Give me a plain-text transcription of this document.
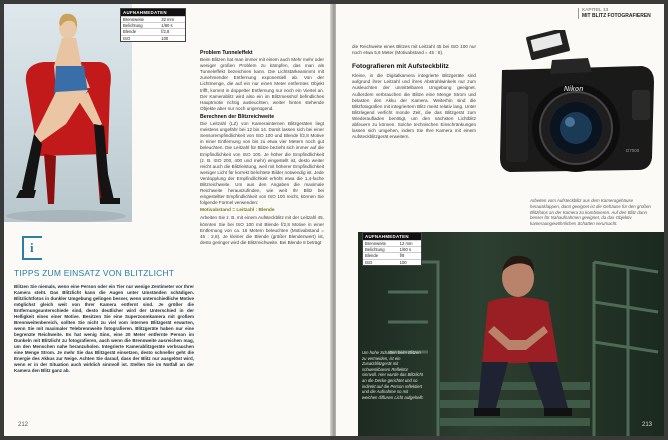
AUFNAHMEDATEN
Brennweite	32 mm
Belichtung	1/60 s
Blende	f/2,8
ISO	100
Problem Tunneleffekt

Beim Blitzen hat man immer mit einem auch Mehr mehr oder weniger großen Problem zu kämpfen, das man als Tunneleffekt bezeichnen kann. Die Lichtstärkeanimmt mit zunehmender Entfernung exponentiell ab. Von der Lichtmenge, die auf ein nur einen Meter entferntes Objekt trifft, kommt in doppelter Entfernung nur noch ein Viertel an. Der Kamerablitz wird also ein im Blitzmesshof befindliches Hauptmotiv richtig ausleuchten, weiter hinten stehende Objekte aber nur noch ungenügend.

Berechnen der Blitzreichweite

Die Leitzahl (LZ) von Kamerainternen Blitzgeräten liegt meistens ungefähr bei 12 bis 14. Damit lassen sich bei einer Sensorempfindlichkeit von ISO 100 und Blende f/2,8 Motive in einer Entfernung von bis zu etwa vier Metern noch gut beleuchten. Die Leitzahl für Blitze bezieht sich immer auf die Empfindlichkeit von ISO 100. Je höher die Empfindlichkeit (z. B. ISO 200, 400 und mehr) eingestellt ist, desto weiter reicht auch die Blitzleistung, weil mit höherer Empfindlichkeit weniger Licht für korrekt belichtete Bilder notwendig ist. Jede Verdopplung der Empfindlichkeit erhöht etwa die 1,4-fache Blitzreichweite. Um aus den Angaben die maximale Reichweite herauszufinden, wie weit Ihr Blitz bei eingestellter Empfindlichkeit von ISO 100 reicht, können Sie folgende Formel verwenden:

Motivabstand = Leitzahl : Blende

Arbeiten Sie z. B. mit einem Aufsteckblitz mit der Leitzahl 45, könnten Sie bei ISO 100 mit Blende f/2,8 Motive in einer Entfernung von ca. 16 Metern beleuchten (Motivabstand = 45 : 2,8). Je kleiner die Blende (größer Blendenwert) ist, desto geringer wird die Blitzreichweite. Bei Blende 8 beträgt

i
TIPPS ZUM EINSATZ VON BLITZLICHT
Blitzen Sie niemals, wenn eine Person oder ein Tier nur wenige Zentimeter vor Ihrer Kamera steht. Das Blitzlicht kann die Augen unter Umständen schädigen. Blitzlichtfotos in dunkler Umgebung gelingen besser, wenn unterschiedliche Motive möglichst gleich weit von Ihrer Kamera entfernt sind. Je größer die Entfernungsunterschiede sind, desto deutlicher wird der Unterschied in der Helligkeit eines einer Motive. Besitzen Sie eine Superzoomkamera mit großem Brennweitenbereich, sollten Sie nicht zu viel vom internen Blitzgerät erwarten, wenn Sie mit maximaler Telebrennweite fotografieren. Blitzgeräte haben nur eine begrenzte Reichweite. Es hat wenig Sinn, eine 20 Meter entfernte Person im Dunkeln mit Blitzlicht zu fotografieren, auch wenn die Brennweite ausreichen mag, um den Menschen nahe heranzuholen. Integrierte Kamerablitzgeräte verbrauchen eine Menge Strom. Je mehr Sie das Blitzgerät einsetzen, desto schneller geht die Energie des Akkus zur Neige. Achten Sie darauf, dass der Blitz nur ausgelöst wird, wenn er in der Situation auch wirklich sinnvoll ist. Stellen Sie im Notfall an der Kamera den Blitz ganz ab.
212
KAPITEL 13
MIT BLITZ FOTOGRAFIEREN

die Reichweite eines Blitzes mit Leitzahl 45 bei ISO 100 nur noch etwa 5,6 Meter (Motivabstand = 45 : 8).

Fotografieren mit Aufsteckblitz

Kleine, in die Digitalkamera integrierte Blitzgeräte sind aufgrund ihrer Leitzahl und ihres Abstrahlwinkels nur zum Ausleuchten der unmittelbaren Umgebung geeignet. Außerdem verbrauchen die Blitze eine Menge Strom und belasten den Akku der Kamera. Weiterhin sind die Blitzfotografien mit integriertem Blitz meist relativ lang. Unter Blitzlegend verficht monde Zeit, die das Blitzgerät zum Wiederaufladen benötigt, um den nächsten Lichtblitz abfeuern zu können. Solche technischen Einschränkungen lassen sich umgehen, indem Sie Ihre Kamera mit einem Aufsteckblitzgerät erweitern.

Nikon
D7000
Arbeiten vom Aufsteckblitz aus dem Kameragehäuse herausklappen, dann geeignet ist die Gehäuse für den großen Blitzfotos an der Kamera zu kombinieren. Auf den Blitz dann besser für Nahaufnahmen geeignet, da das Objektiv kameraungewöhnliches Schatten verursacht.
AUFNAHMEDATEN
Brennweite	12 mm
Belichtung	1/60 s
Blende	f/8
ISO	100
Um hohe Schatten beim Blitzen zu vermeiden, ist ein Zusatzblitzgerät mit schwenkbarem Reflektor sinnvoll. Hier wurde das Blitzlicht an die Decke gerichtet und so indirekt auf die Person reflektiert und die Aufnahme so mit weichen diffusen Licht aufgehellt.
213
